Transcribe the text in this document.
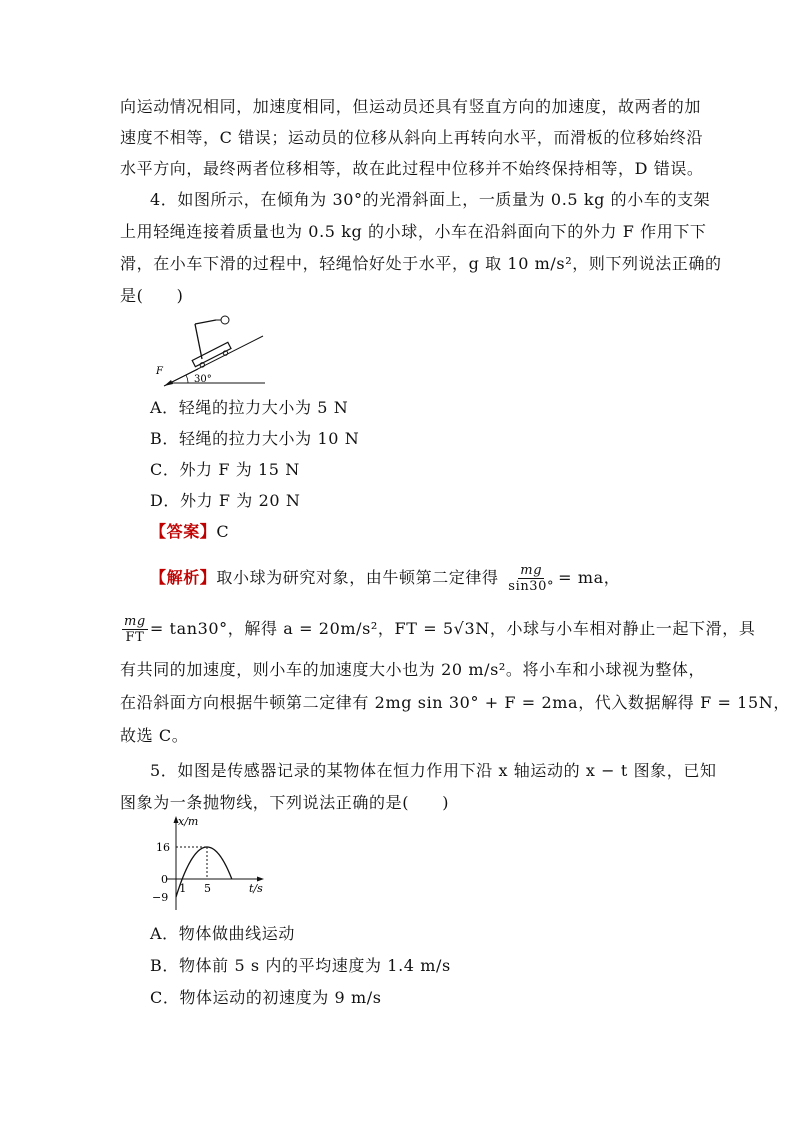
向运动情况相同，加速度相同，但运动员还具有竖直方向的加速度，故两者的加
速度不相等，C 错误；运动员的位移从斜向上再转向水平，而滑板的位移始终沿
水平方向，最终两者位移相等，故在此过程中位移并不始终保持相等，D 错误。
4．如图所示，在倾角为 30°的光滑斜面上，一质量为 0.5 kg 的小车的支架
上用轻绳连接着质量也为 0.5 kg 的小球，小车在沿斜面向下的外力 F 作用下下
滑，在小车下滑的过程中，轻绳恰好处于水平，g 取 10 m/s²，则下列说法正确的
是(　　)
F
30°
A．轻绳的拉力大小为 5 N
B．轻绳的拉力大小为 10 N
C．外力 F 为 15 N
D．外力 F 为 20 N
【答案】C
【解析】取小球为研究对象，由牛顿第二定律得 $\frac{mg}{\sin 30^\circ}$ = ma，
$\frac{mg}{FT} = \tan 30^\circ$，解得 a = 20m/s²，FT = 5√3N，小球与小车相对静止一起下滑，具
有共同的加速度，则小车的加速度大小也为 20 m/s²。将小车和小球视为整体，
在沿斜面方向根据牛顿第二定律有 2mg sin 30° + F = 2ma，代入数据解得 F = 15N，
故选 C。
5．如图是传感器记录的某物体在恒力作用下沿 x 轴运动的 x − t 图象，已知
图象为一条抛物线，下列说法正确的是(　　)
x/m
t/s
16
0
−9
1 5
A．物体做曲线运动
B．物体前 5 s 内的平均速度为 1.4 m/s
C．物体运动的初速度为 9 m/s
